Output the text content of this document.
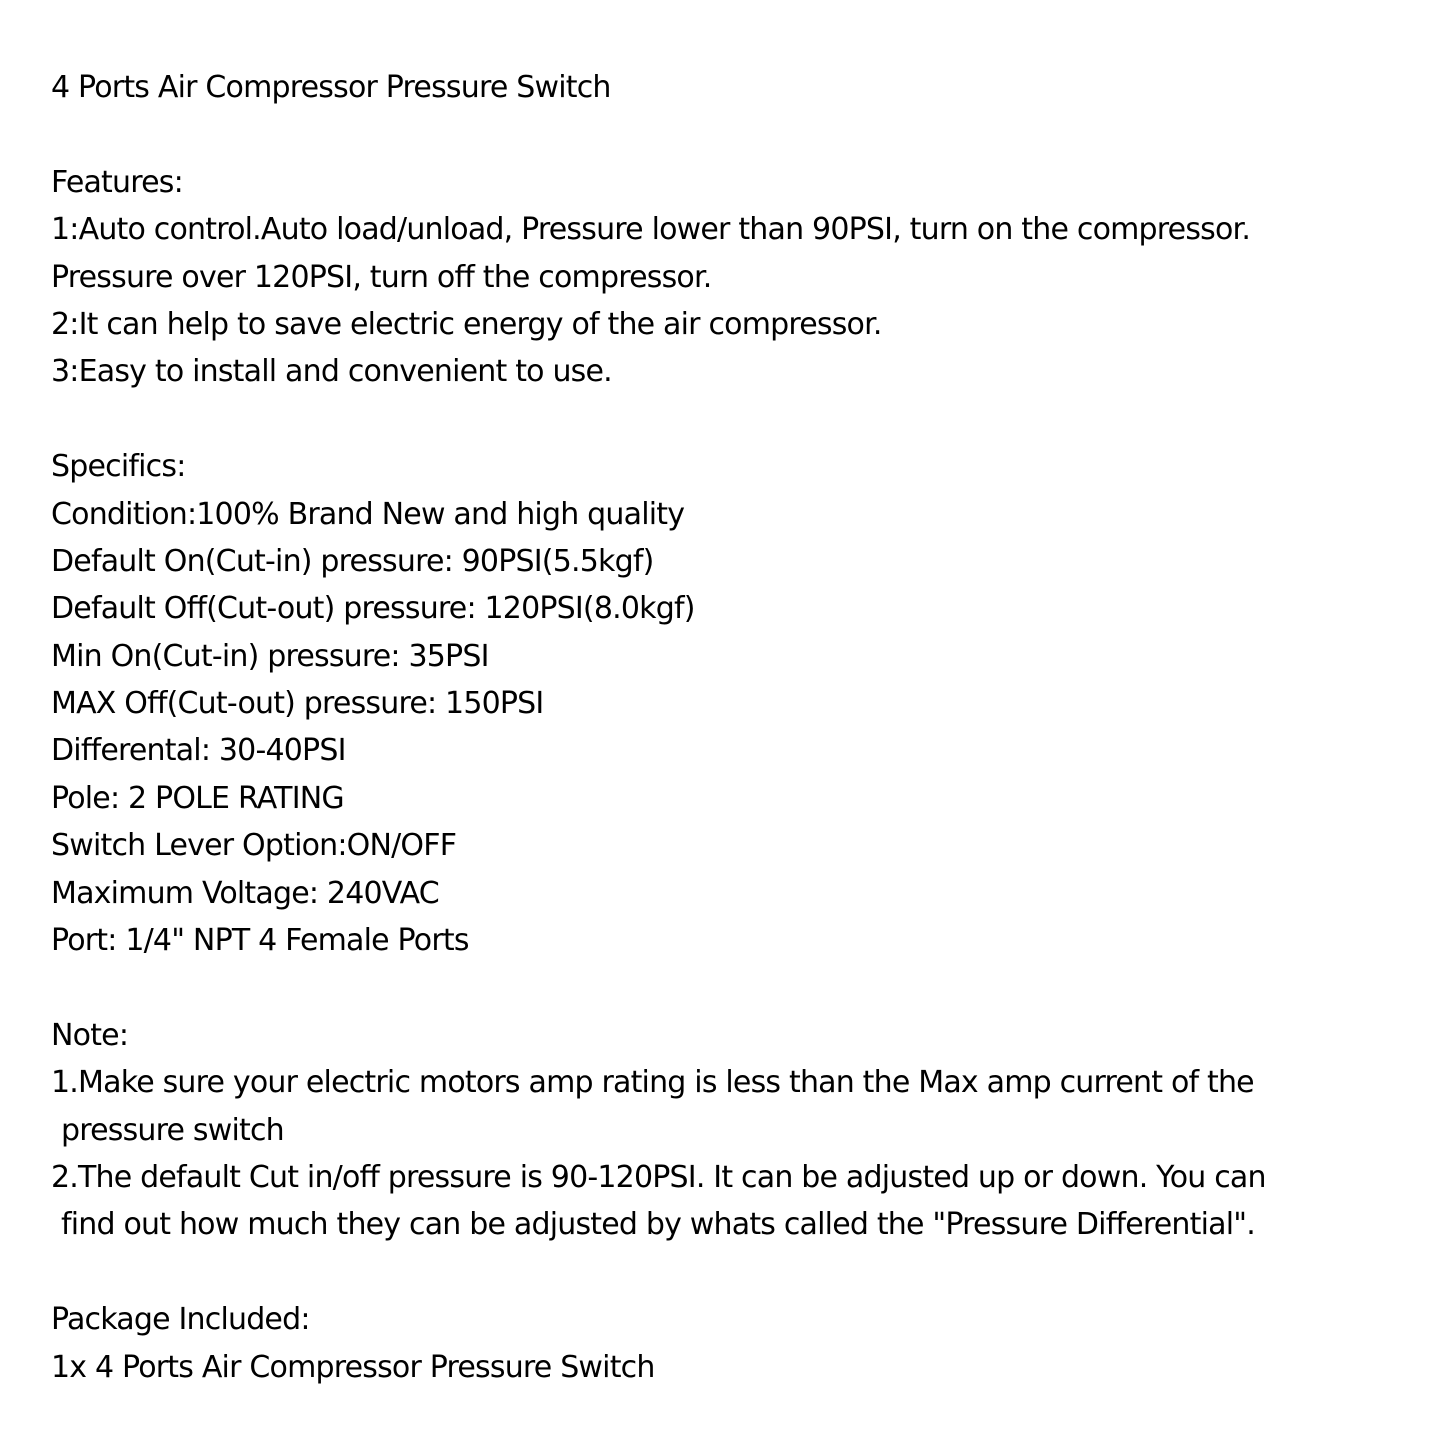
4 Ports Air Compressor Pressure Switch
Features:
1:Auto control.Auto load/unload, Pressure lower than 90PSI, turn on the compressor.
Pressure over 120PSI, turn off the compressor.
2:It can help to save electric energy of the air compressor.
3:Easy to install and convenient to use.
Specifics:
Condition:100% Brand New and high quality
Default On(Cut-in) pressure: 90PSI(5.5kgf)
Default Off(Cut-out) pressure: 120PSI(8.0kgf)
Min On(Cut-in) pressure: 35PSI
MAX Off(Cut-out) pressure: 150PSI
Differental: 30-40PSI
Pole: 2 POLE RATING
Switch Lever Option:ON/OFF
Maximum Voltage: 240VAC
Port: 1/4" NPT 4 Female Ports
Note:
1.Make sure your electric motors amp rating is less than the Max amp current of the
pressure switch
2.The default Cut in/off pressure is 90-120PSI. It can be adjusted up or down. You can
find out how much they can be adjusted by whats called the "Pressure Differential".
Package Included:
1x 4 Ports Air Compressor Pressure Switch
